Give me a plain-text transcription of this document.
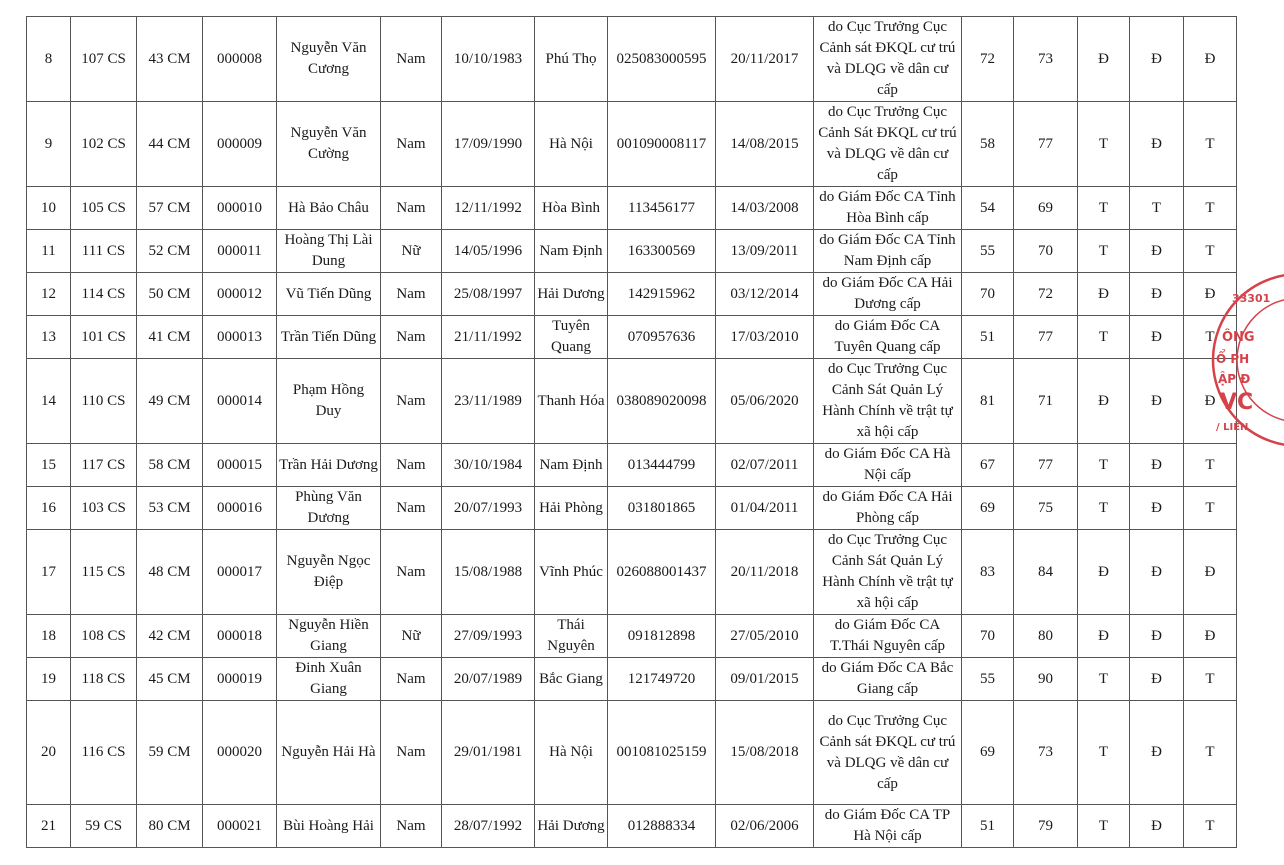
8	107 CS	43 CM	000008	Nguyễn Văn Cương	Nam	10/10/1983	Phú Thọ	025083000595	20/11/2017	do Cục Trưởng Cục Cảnh sát ĐKQL cư trú và DLQG về dân cư cấp	72	73	Đ	Đ	Đ
9	102 CS	44 CM	000009	Nguyễn Văn Cường	Nam	17/09/1990	Hà Nội	001090008117	14/08/2015	do Cục Trưởng Cục Cảnh Sát ĐKQL cư trú và DLQG về dân cư cấp	58	77	T	Đ	T
10	105 CS	57 CM	000010	Hà Bảo Châu	Nam	12/11/1992	Hòa Bình	113456177	14/03/2008	do Giám Đốc CA Tỉnh Hòa Bình cấp	54	69	T	T	T
11	111 CS	52 CM	000011	Hoàng Thị Lài Dung	Nữ	14/05/1996	Nam Định	163300569	13/09/2011	do Giám Đốc CA Tỉnh Nam Định cấp	55	70	T	Đ	T
12	114 CS	50 CM	000012	Vũ Tiến Dũng	Nam	25/08/1997	Hải Dương	142915962	03/12/2014	do Giám Đốc CA Hải Dương cấp	70	72	Đ	Đ	Đ
13	101 CS	41 CM	000013	Trần Tiến Dũng	Nam	21/11/1992	Tuyên Quang	070957636	17/03/2010	do Giám Đốc CA Tuyên Quang cấp	51	77	T	Đ	T
14	110 CS	49 CM	000014	Phạm Hồng Duy	Nam	23/11/1989	Thanh Hóa	038089020098	05/06/2020	do Cục Trưởng Cục Cảnh Sát Quản Lý Hành Chính về trật tự xã hội cấp	81	71	Đ	Đ	Đ
15	117 CS	58 CM	000015	Trần Hải Dương	Nam	30/10/1984	Nam Định	013444799	02/07/2011	do Giám Đốc CA Hà Nội cấp	67	77	T	Đ	T
16	103 CS	53 CM	000016	Phùng Văn Dương	Nam	20/07/1993	Hải Phòng	031801865	01/04/2011	do Giám Đốc CA Hải Phòng cấp	69	75	T	Đ	T
17	115 CS	48 CM	000017	Nguyễn Ngọc Điệp	Nam	15/08/1988	Vĩnh Phúc	026088001437	20/11/2018	do Cục Trưởng Cục Cảnh Sát Quản Lý Hành Chính về trật tự xã hội cấp	83	84	Đ	Đ	Đ
18	108 CS	42 CM	000018	Nguyễn Hiền Giang	Nữ	27/09/1993	Thái Nguyên	091812898	27/05/2010	do Giám Đốc CA T.Thái Nguyên cấp	70	80	Đ	Đ	Đ
19	118 CS	45 CM	000019	Đinh Xuân Giang	Nam	20/07/1989	Bắc Giang	121749720	09/01/2015	do Giám Đốc CA Bắc Giang cấp	55	90	T	Đ	T
20	116 CS	59 CM	000020	Nguyễn Hải Hà	Nam	29/01/1981	Hà Nội	001081025159	15/08/2018	do Cục Trưởng Cục Cảnh sát ĐKQL cư trú và DLQG về dân cư cấp	69	73	T	Đ	T
21	59 CS	80 CM	000021	Bùi Hoàng Hải	Nam	28/07/1992	Hải Dương	012888334	02/06/2006	do Giám Đốc CA TP Hà Nội cấp	51	79	T	Đ	T
33301
ÔNG
Ổ PH
ẬP Đ
VC
/ LIÊN
